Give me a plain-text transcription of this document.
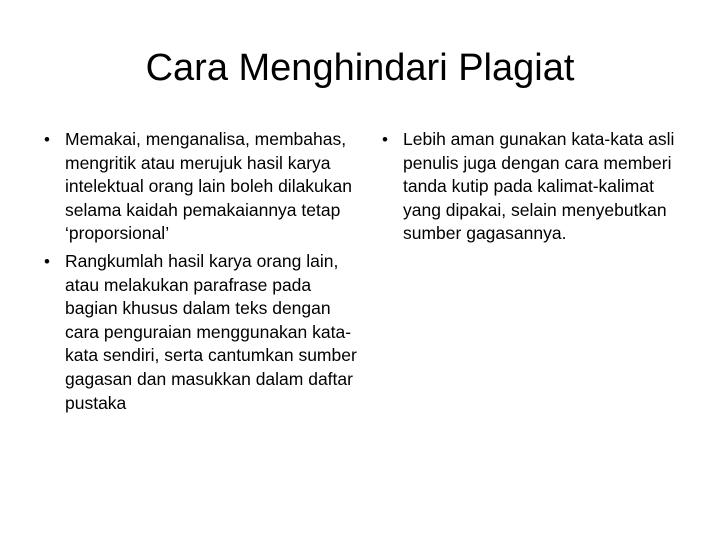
Cara Menghindari Plagiat
• Memakai, menganalisa, membahas, mengritik atau merujuk hasil karya intelektual orang lain boleh dilakukan selama kaidah pemakaiannya tetap ‘proporsional’
• Rangkumlah hasil karya orang lain, atau melakukan parafrase pada bagian khusus dalam teks dengan cara penguraian menggunakan kata-kata sendiri, serta cantumkan sumber gagasan dan masukkan dalam daftar pustaka
• Lebih aman gunakan kata-kata asli penulis juga dengan cara memberi tanda kutip pada kalimat-kalimat yang dipakai, selain menyebutkan sumber gagasannya.
